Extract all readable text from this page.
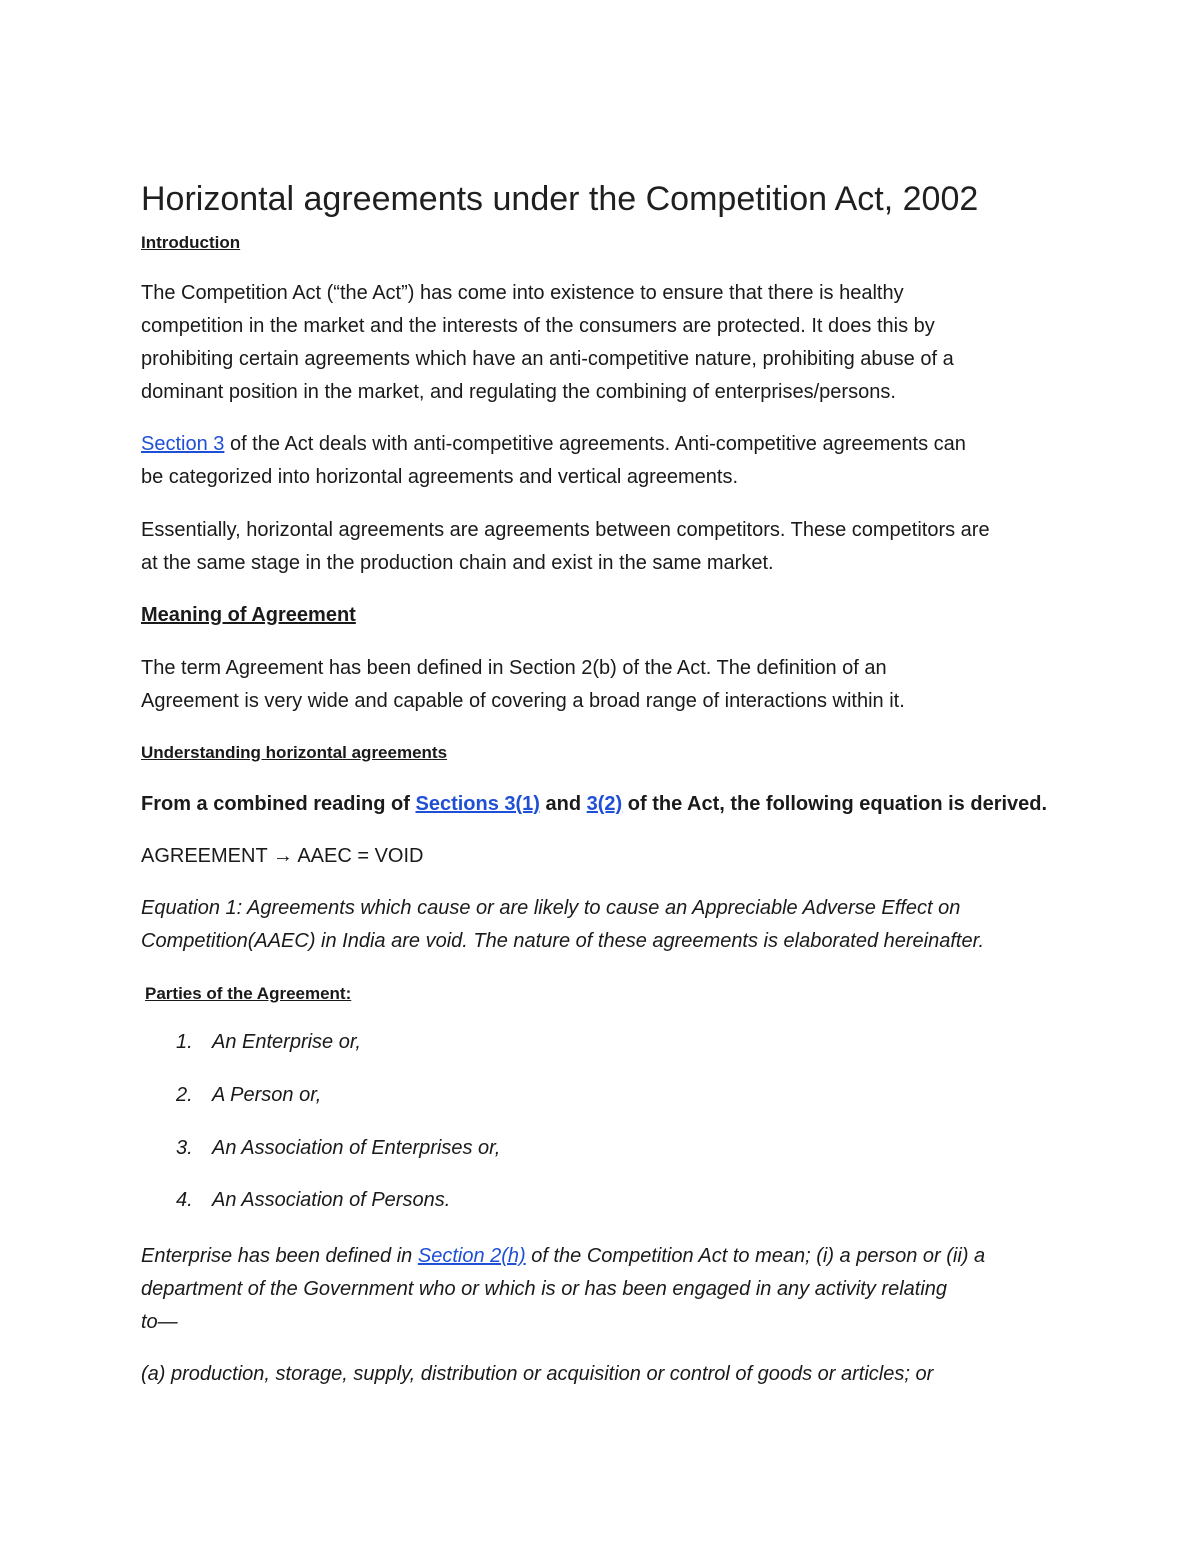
Horizontal agreements under the Competition Act, 2002
Introduction

The Competition Act (“the Act”) has come into existence to ensure that there is healthy
competition in the market and the interests of the consumers are protected. It does this by
prohibiting certain agreements which have an anti-competitive nature, prohibiting abuse of a
dominant position in the market, and regulating the combining of enterprises/persons.

Section 3 of the Act deals with anti-competitive agreements. Anti-competitive agreements can
be categorized into horizontal agreements and vertical agreements.

Essentially, horizontal agreements are agreements between competitors. These competitors are
at the same stage in the production chain and exist in the same market.

Meaning of Agreement

The term Agreement has been defined in Section 2(b) of the Act. The definition of an
Agreement is very wide and capable of covering a broad range of interactions within it.

Understanding horizontal agreements

From a combined reading of Sections 3(1) and 3(2) of the Act, the following equation is derived.

AGREEMENT → AAEC = VOID

Equation 1: Agreements which cause or are likely to cause an Appreciable Adverse Effect on
Competition(AAEC) in India are void. The nature of these agreements is elaborated hereinafter.

Parties of the Agreement:
1. An Enterprise or,
2. A Person or,
3. An Association of Enterprises or,
4. An Association of Persons.

Enterprise has been defined in Section 2(h) of the Competition Act to mean; (i) a person or (ii) a
department of the Government who or which is or has been engaged in any activity relating
to—

(a) production, storage, supply, distribution or acquisition or control of goods or articles; or
